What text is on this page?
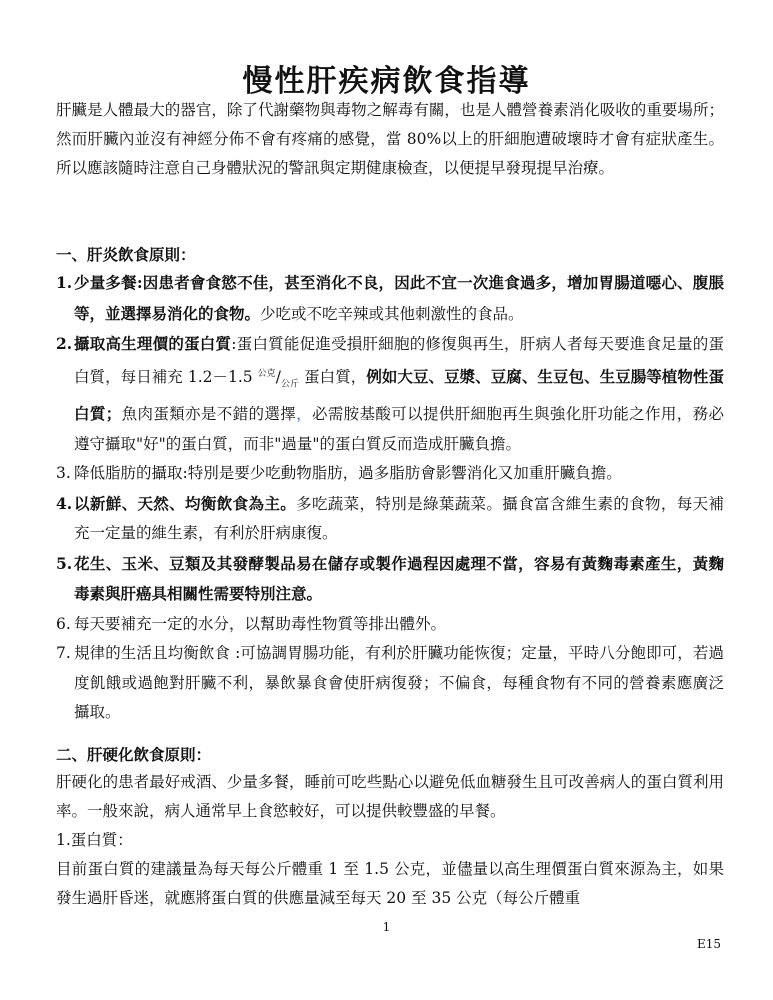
慢性肝疾病飲食指導

肝臟是人體最大的器官，除了代謝藥物與毒物之解毒有關，也是人體營養素消化吸收的重要場所；然而肝臟內並沒有神經分佈不會有疼痛的感覺，當 80%以上的肝細胞遭破壞時才會有症狀產生。所以應該隨時注意自己身體狀況的警訊與定期健康檢查，以便提早發現提早治療。

一、肝炎飲食原則：

1. 少量多餐:因患者會食慾不佳，甚至消化不良，因此不宜一次進食過多，增加胃腸道噁心、腹脹等，並選擇易消化的食物。少吃或不吃辛辣或其他刺激性的食品。
2. 攝取高生理價的蛋白質:蛋白質能促進受損肝細胞的修復與再生，肝病人者每天要進食足量的蛋白質，每日補充 1.2－1.5 $^{公克}/_{公斤}$ 蛋白質，例如大豆、豆漿、豆腐、生豆包、生豆腸等植物性蛋白質；魚肉蛋類亦是不錯的選擇，必需胺基酸可以提供肝細胞再生與強化肝功能之作用，務必遵守攝取"好"的蛋白質，而非"過量"的蛋白質反而造成肝臟負擔。
3. 降低脂肪的攝取:特別是要少吃動物脂肪，過多脂肪會影響消化又加重肝臟負擔。
4. 以新鮮、天然、均衡飲食為主。多吃蔬菜，特別是綠葉蔬菜。攝食富含維生素的食物，每天補充一定量的維生素，有利於肝病康復。
5. 花生、玉米、豆類及其發酵製品易在儲存或製作過程因處理不當，容易有黃麴毒素產生，黃麴毒素與肝癌具相關性需要特別注意。
6. 每天要補充一定的水分，以幫助毒性物質等排出體外。
7. 規律的生活且均衡飲食 :可協調胃腸功能，有利於肝臟功能恢復；定量，平時八分飽即可，若過度飢餓或過飽對肝臟不利，暴飲暴食會使肝病復發；不偏食，每種食物有不同的營養素應廣泛攝取。

二、肝硬化飲食原則：

肝硬化的患者最好戒酒、少量多餐，睡前可吃些點心以避免低血糖發生且可改善病人的蛋白質利用率。一般來說，病人通常早上食慾較好，可以提供較豐盛的早餐。

1.蛋白質：

目前蛋白質的建議量為每天每公斤體重 1 至 1.5 公克，並儘量以高生理價蛋白質來源為主，如果發生過肝昏迷，就應將蛋白質的供應量減至每天 20 至 35 公克（每公斤體重

1
E15
